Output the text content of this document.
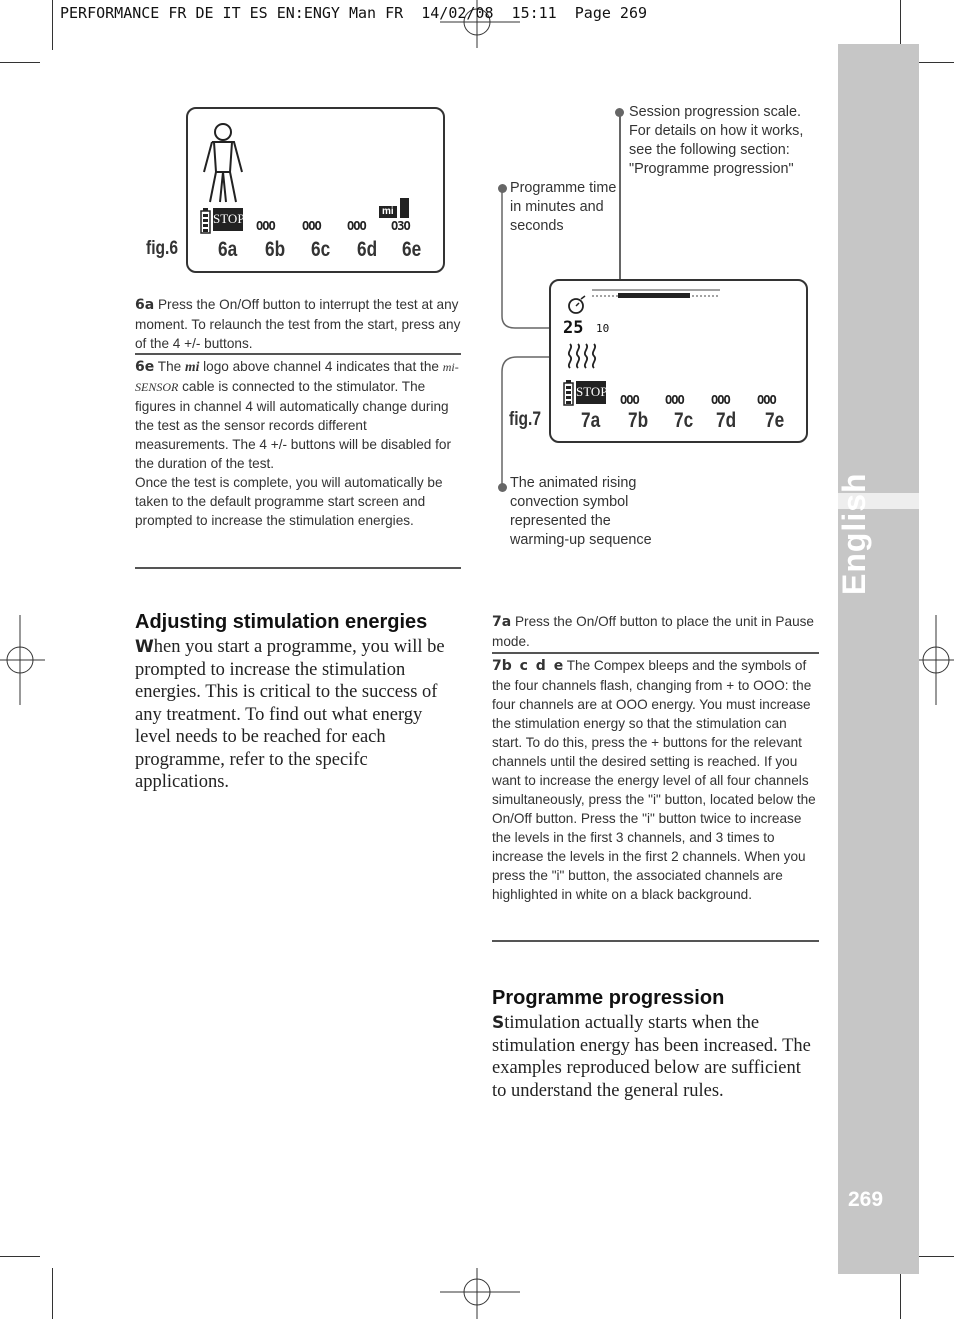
PERFORMANCE FR DE IT ES EN:ENGY Man FR  14/02/08  15:11  Page 269
English
269
STOP OOO OOO OOO O3O
mi
fig.6 6a 6b 6c 6d 6e
6a Press the On/Off button to interrupt the test at any moment. To relaunch the test from the start, press any of the 4 +/- buttons.
6e The mi logo above channel 4 indicates that the mi-SENSOR cable is connected to the stimulator. The figures in channel 4 will automatically change during the test as the sensor records different measurements. The 4 +/- buttons will be disabled for the duration of the test.
Once the test is complete, you will automatically be taken to the default programme start screen and prompted to increase the stimulation energies.
Adjusting stimulation energies
When you start a programme, you will be prompted to increase the stimulation energies. This is critical to the success of any treatment. To find out what energy level needs to be reached for each programme, refer to the specifc applications.
Session progression scale. For details on how it works, see the following section: "Programme progression"
Programme time in minutes and seconds
The animated rising convection symbol represented the warming-up sequence
25 10
STOP
OOO OOO OOO OOO
fig.7 7a 7b 7c 7d 7e
7a Press the On/Off button to place the unit in Pause mode.
7b c d e The Compex bleeps and the symbols of the four channels flash, changing from + to OOO: the four channels are at OOO energy. You must increase the stimulation energy so that the stimulation can start. To do this, press the + buttons for the relevant channels until the desired setting is reached. If you want to increase the energy level of all four channels simultaneously, press the "i" button, located below the On/Off button. Press the "i" button twice to increase the levels in the first 3 channels, and 3 times to increase the levels in the first 2 channels. When you press the "i" button, the associated channels are highlighted in white on a black background.
Programme progression
Stimulation actually starts when the stimulation energy has been increased. The examples reproduced below are sufficient to understand the general rules.
